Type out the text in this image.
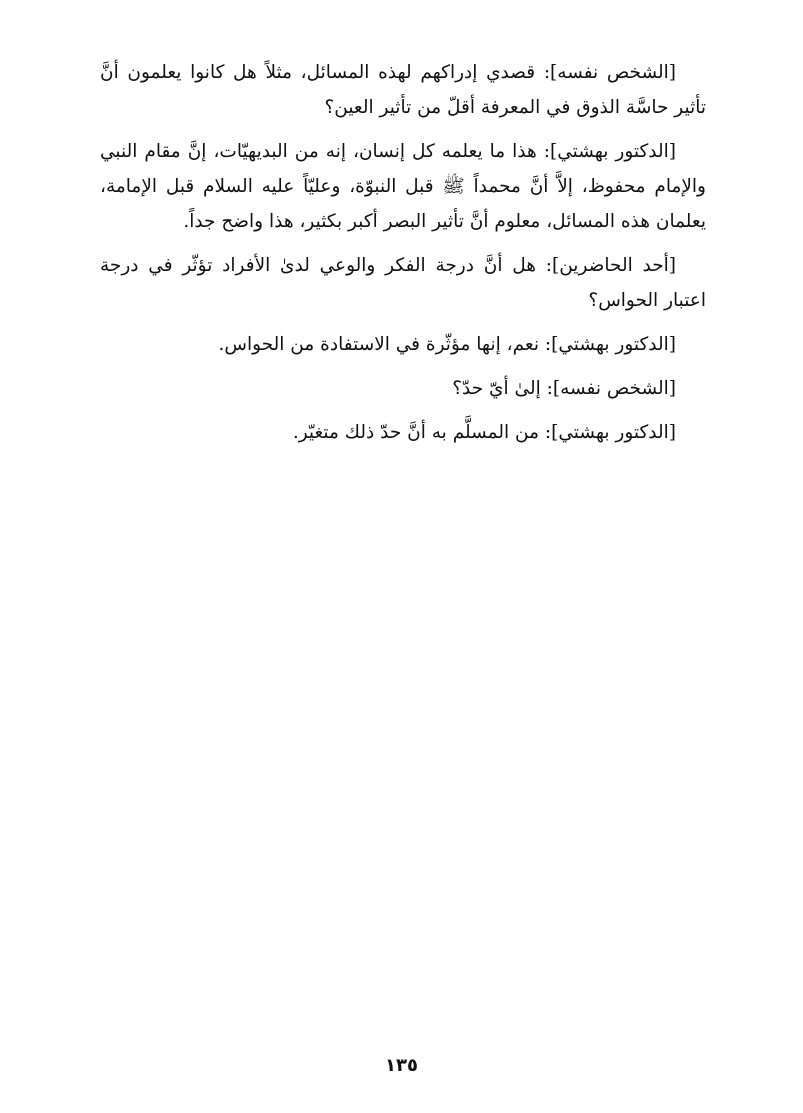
[الشخص نفسه]: قصدي إدراكهم لهذه المسائل، مثلاً هل كانوا يعلمون أنَّ تأثير حاسَّة الذوق في المعرفة أقلّ من تأثير العين؟

[الدكتور بهشتي]: هذا ما يعلمه كل إنسان، إنه من البديهيّات، إنَّ مقام النبي والإمام محفوظ، إلاَّ أنَّ محمداً ﷺ قبل النبوّة، وعليّاً عليه السلام قبل الإمامة، يعلمان هذه المسائل، معلوم أنَّ تأثير البصر أكبر بكثير، هذا واضح جداً.

[أحد الحاضرين]: هل أنَّ درجة الفكر والوعي لدىٰ الأفراد تؤثّر في درجة اعتبار الحواس؟

[الدكتور بهشتي]: نعم، إنها مؤثّرة في الاستفادة من الحواس.

[الشخص نفسه]: إلىٰ أيّ حدّ؟

[الدكتور بهشتي]: من المسلَّم به أنَّ حدّ ذلك متغيّر.

١٣٥
